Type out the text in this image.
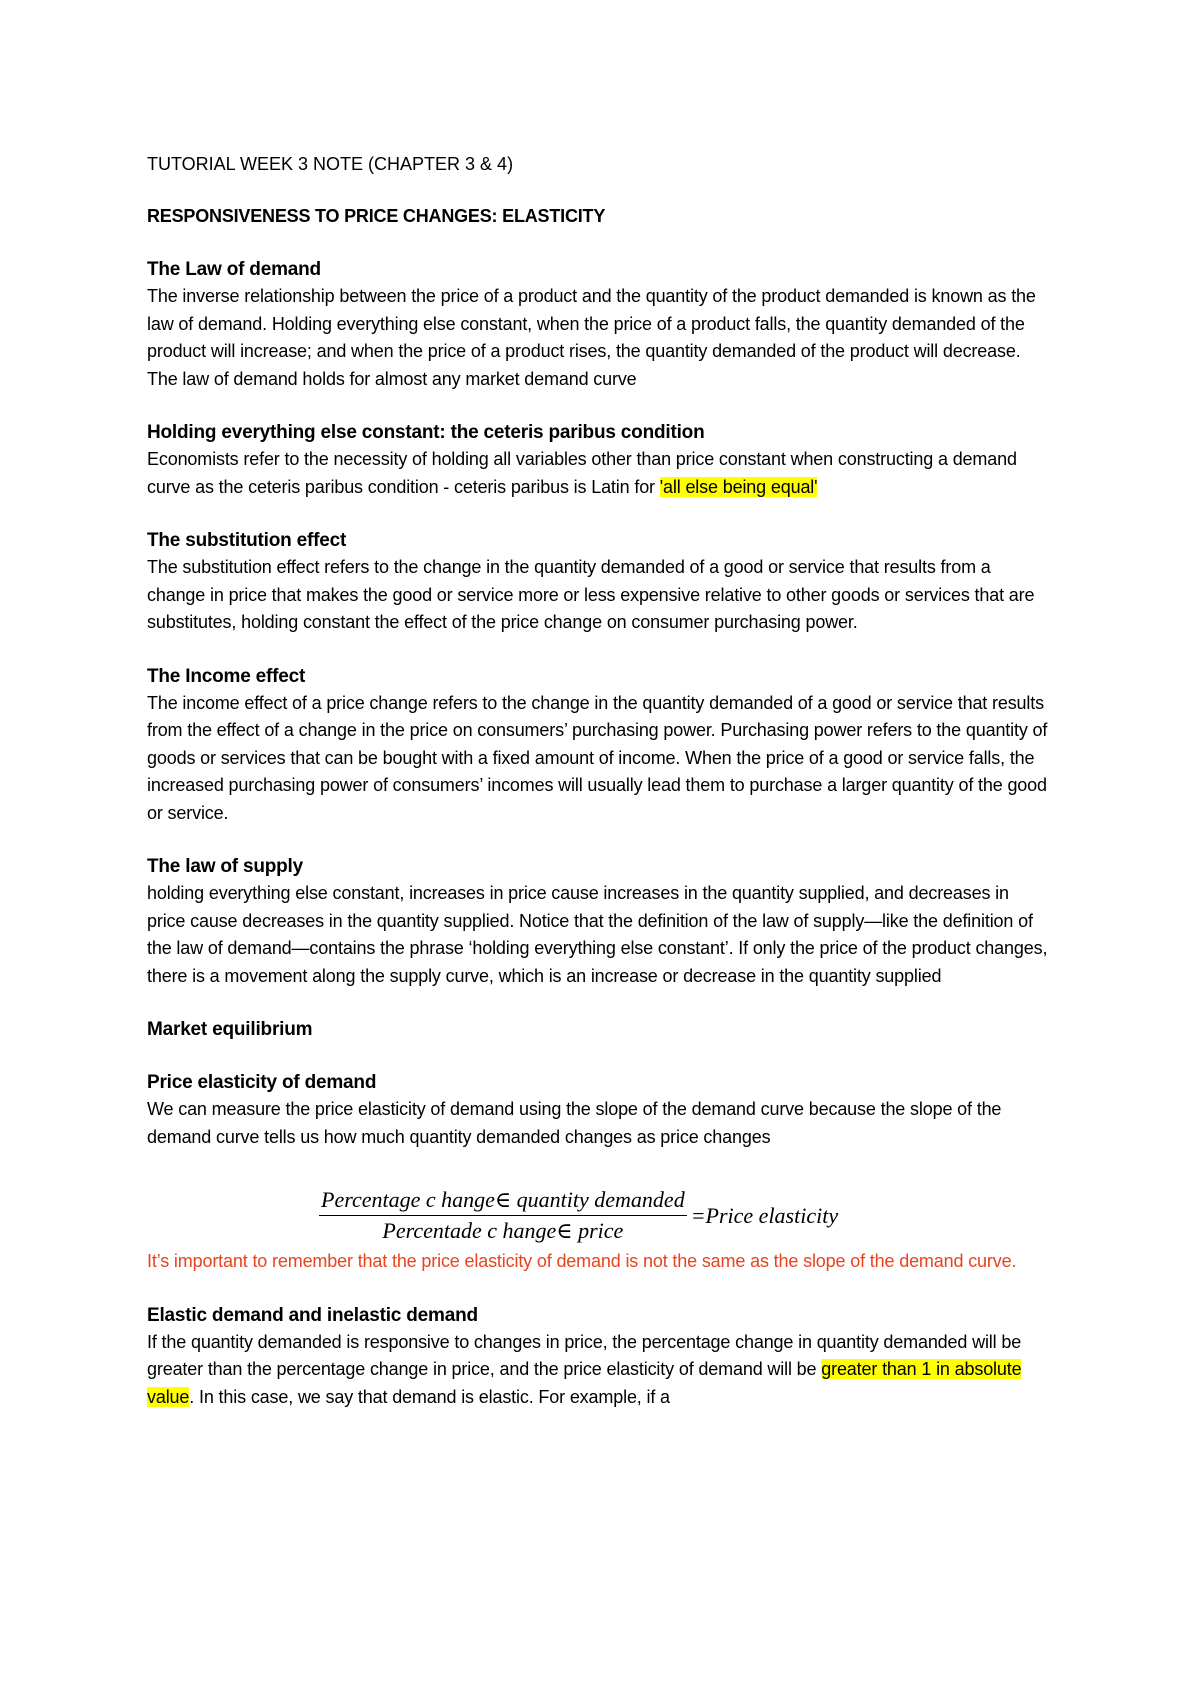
TUTORIAL WEEK 3 NOTE (CHAPTER 3 & 4)

RESPONSIVENESS TO PRICE CHANGES: ELASTICITY

The Law of demand

The inverse relationship between the price of a product and the quantity of the product demanded is known as the law of demand. Holding everything else constant, when the price of a product falls, the quantity demanded of the product will increase; and when the price of a product rises, the quantity demanded of the product will decrease. The law of demand holds for almost any market demand curve

Holding everything else constant: the ceteris paribus condition

Economists refer to the necessity of holding all variables other than price constant when constructing a demand curve as the ceteris paribus condition - ceteris paribus is Latin for 'all else being equal'

The substitution effect

The substitution effect refers to the change in the quantity demanded of a good or service that results from a change in price that makes the good or service more or less expensive relative to other goods or services that are substitutes, holding constant the effect of the price change on consumer purchasing power.

The Income effect

The income effect of a price change refers to the change in the quantity demanded of a good or service that results from the effect of a change in the price on consumers’ purchasing power. Purchasing power refers to the quantity of goods or services that can be bought with a fixed amount of income. When the price of a good or service falls, the increased purchasing power of consumers’ incomes will usually lead them to purchase a larger quantity of the good or service.

The law of supply

holding everything else constant, increases in price cause increases in the quantity supplied, and decreases in price cause decreases in the quantity supplied. Notice that the definition of the law of supply—like the definition of the law of demand—contains the phrase ‘holding everything else constant’. If only the price of the product changes, there is a movement along the supply curve, which is an increase or decrease in the quantity supplied

Market equilibrium

Price elasticity of demand

We can measure the price elasticity of demand using the slope of the demand curve because the slope of the demand curve tells us how much quantity demanded changes as price changes

$\frac{\text{Percentage c hange∈ quantity demanded}}{\text{Percentade c hange∈ price}}$ =Price elasticity

It’s important to remember that the price elasticity of demand is not the same as the slope of the demand curve.

Elastic demand and inelastic demand

If the quantity demanded is responsive to changes in price, the percentage change in quantity demanded will be greater than the percentage change in price, and the price elasticity of demand will be greater than 1 in absolute value. In this case, we say that demand is elastic. For example, if a
